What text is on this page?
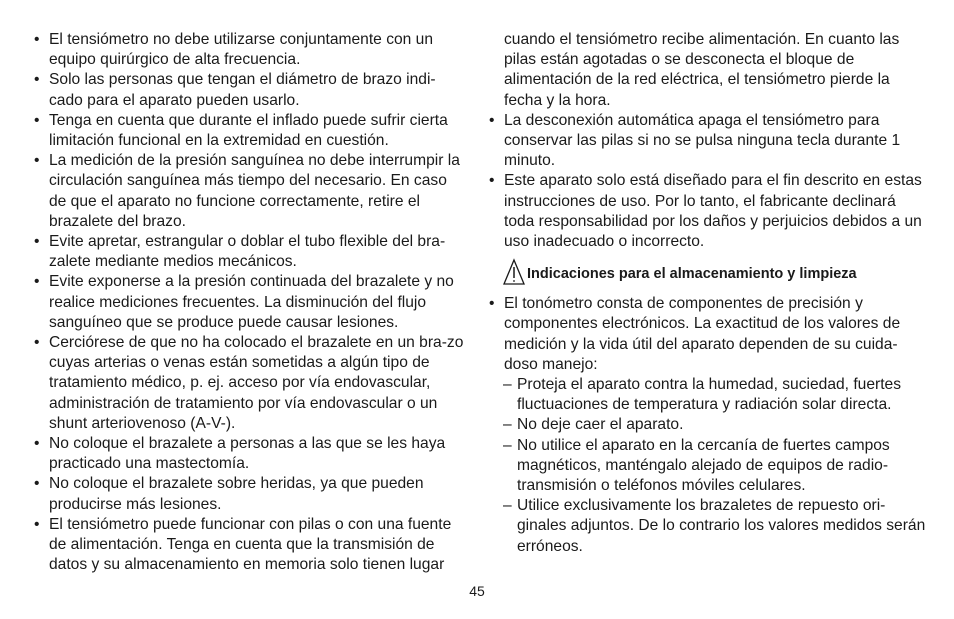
• El tensiómetro no debe utilizarse conjuntamente con un equipo quirúrgico de alta frecuencia.

• Solo las personas que tengan el diámetro de brazo indi-cado para el aparato pueden usarlo.

• Tenga en cuenta que durante el inflado puede sufrir cierta limitación funcional en la extremidad en cuestión.

• La medición de la presión sanguínea no debe interrumpir la circulación sanguínea más tiempo del necesario. En caso de que el aparato no funcione correctamente, retire el brazalete del brazo.

• Evite apretar, estrangular o doblar el tubo flexible del bra-zalete mediante medios mecánicos.

• Evite exponerse a la presión continuada del brazalete y no realice mediciones frecuentes. La disminución del flujo sanguíneo que se produce puede causar lesiones.

• Cerciórese de que no ha colocado el brazalete en un bra-zo cuyas arterias o venas están sometidas a algún tipo de tratamiento médico, p. ej. acceso por vía endovascular, administración de tratamiento por vía endovascular o un shunt arteriovenoso (A-V-).

• No coloque el brazalete a personas a las que se les haya practicado una mastectomía.

• No coloque el brazalete sobre heridas, ya que pueden producirse más lesiones.

• El tensiómetro puede funcionar con pilas o con una fuente de alimentación. Tenga en cuenta que la transmisión de datos y su almacenamiento en memoria solo tienen lugar

cuando el tensiómetro recibe alimentación. En cuanto las pilas están agotadas o se desconecta el bloque de alimentación de la red eléctrica, el tensiómetro pierde la fecha y la hora.

• La desconexión automática apaga el tensiómetro para conservar las pilas si no se pulsa ninguna tecla durante 1 minuto.

• Este aparato solo está diseñado para el fin descrito en estas instrucciones de uso. Por lo tanto, el fabricante declinará toda responsabilidad por los daños y perjuicios debidos a un uso inadecuado o incorrecto.

Indicaciones para el almacenamiento y limpieza

• El tonómetro consta de componentes de precisión y componentes electrónicos. La exactitud de los valores de medición y la vida útil del aparato dependen de su cuida-doso manejo:

– Proteja el aparato contra la humedad, suciedad, fuertes fluctuaciones de temperatura y radiación solar directa.

– No deje caer el aparato.

– No utilice el aparato en la cercanía de fuertes campos magnéticos, manténgalo alejado de equipos de radio-transmisión o teléfonos móviles celulares.

– Utilice exclusivamente los brazaletes de repuesto ori-ginales adjuntos. De lo contrario los valores medidos serán erróneos.

45
